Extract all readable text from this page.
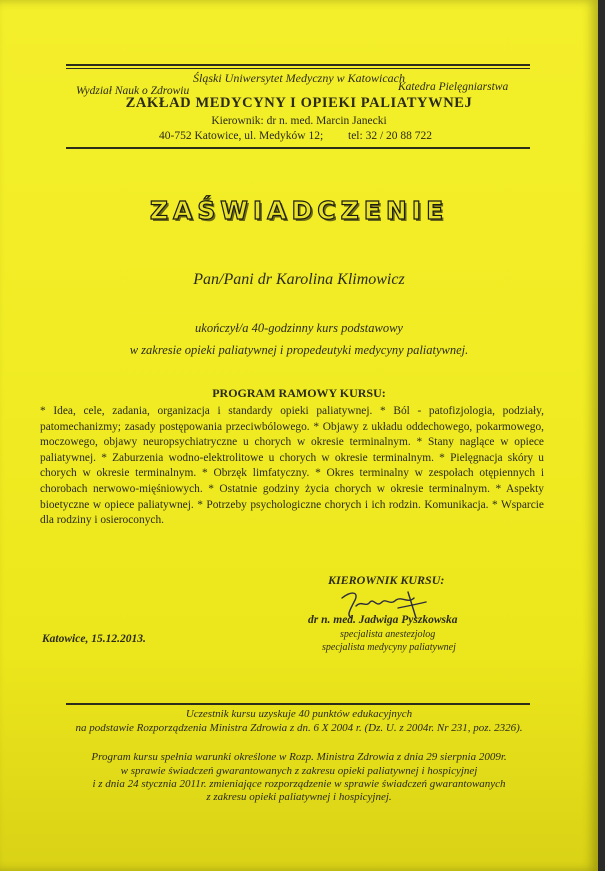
Śląski Uniwersytet Medyczny w Katowicach
Wydział Nauk o Zdrowiu	Katedra Pielęgniarstwa
ZAKŁAD MEDYCYNY I OPIEKI PALIATYWNEJ
Kierownik: dr n. med. Marcin Janecki
40-752 Katowice, ul. Medyków 12; tel: 32 / 20 88 722
ZAŚWIADCZENIE
Pan/Pani dr Karolina Klimowicz
ukończył/a 40-godzinny kurs podstawowy
w zakresie opieki paliatywnej i propedeutyki medycyny paliatywnej.
PROGRAM RAMOWY KURSU:
* Idea, cele, zadania, organizacja i standardy opieki paliatywnej. * Ból - patofizjologia, podziały, patomechanizmy; zasady postępowania przeciwbólowego. * Objawy z układu oddechowego, pokarmowego, moczowego, objawy neuropsychiatryczne u chorych w okresie terminalnym. * Stany naglące w opiece paliatywnej. * Zaburzenia wodno-elektrolitowe u chorych w okresie terminalnym. * Pielęgnacja skóry u chorych w okresie terminalnym. * Obrzęk limfatyczny. * Okres terminalny w zespołach otępiennych i chorobach nerwowo-mięśniowych. * Ostatnie godziny życia chorych w okresie terminalnym. * Aspekty bioetyczne w opiece paliatywnej. * Potrzeby psychologiczne chorych i ich rodzin. Komunikacja. * Wsparcie dla rodziny i osieroconych.
KIEROWNIK KURSU:
dr n. med. Jadwiga Pyszkowska
specjalista anestezjolog
specjalista medycyny paliatywnej
Katowice, 15.12.2013.
Uczestnik kursu uzyskuje 40 punktów edukacyjnych
na podstawie Rozporządzenia Ministra Zdrowia z dn. 6 X 2004 r. (Dz. U. z 2004r. Nr 231, poz. 2326).
Program kursu spełnia warunki określone w Rozp. Ministra Zdrowia z dnia 29 sierpnia 2009r.
w sprawie świadczeń gwarantowanych z zakresu opieki paliatywnej i hospicyjnej
i z dnia 24 stycznia 2011r. zmieniające rozporządzenie w sprawie świadczeń gwarantowanych
z zakresu opieki paliatywnej i hospicyjnej.
